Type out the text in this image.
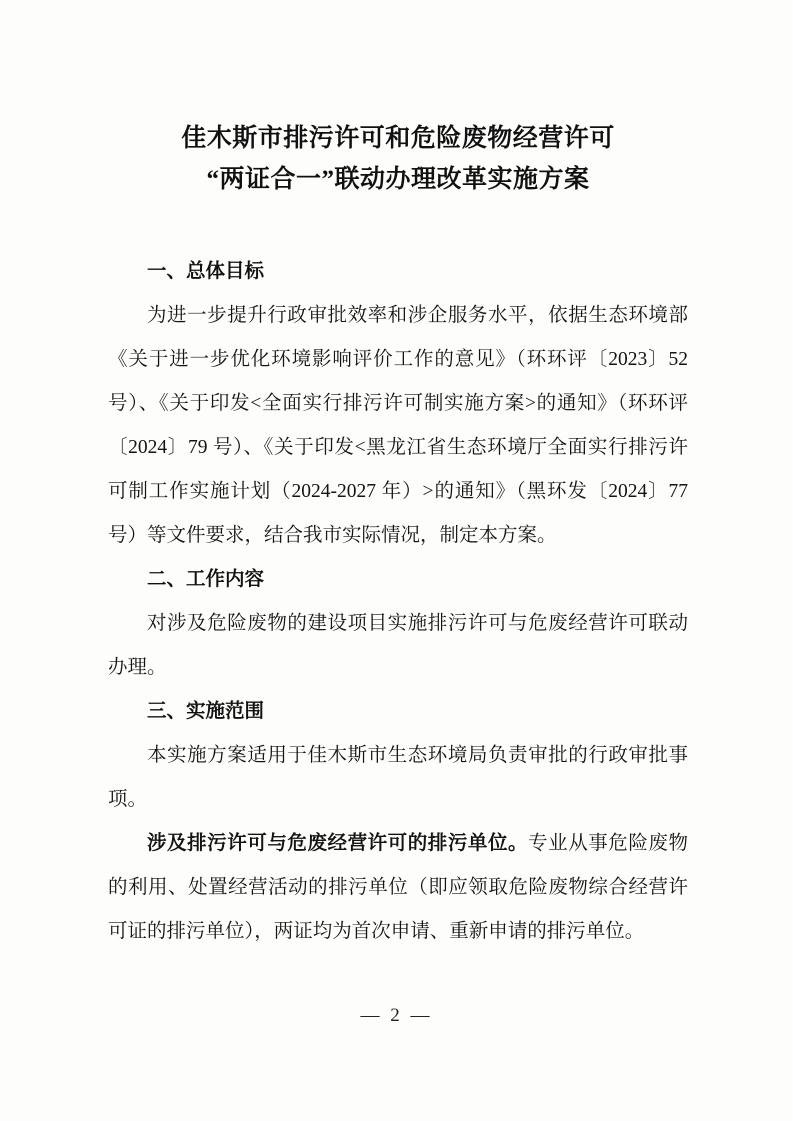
佳木斯市排污许可和危险废物经营许可
“两证合一”联动办理改革实施方案
一、总体目标

为进一步提升行政审批效率和涉企服务水平，依据生态环境部《关于进一步优化环境影响评价工作的意见》（环环评〔2023〕52 号）、《关于印发<全面实行排污许可制实施方案>的通知》（环环评〔2024〕79 号）、《关于印发<黑龙江省生态环境厅全面实行排污许可制工作实施计划（2024-2027 年）>的通知》（黑环发〔2024〕77 号）等文件要求，结合我市实际情况，制定本方案。

二、工作内容

对涉及危险废物的建设项目实施排污许可与危废经营许可联动办理。

三、实施范围

本实施方案适用于佳木斯市生态环境局负责审批的行政审批事项。

涉及排污许可与危废经营许可的排污单位。专业从事危险废物的利用、处置经营活动的排污单位（即应领取危险废物综合经营许可证的排污单位），两证均为首次申请、重新申请的排污单位。

— 2 —
